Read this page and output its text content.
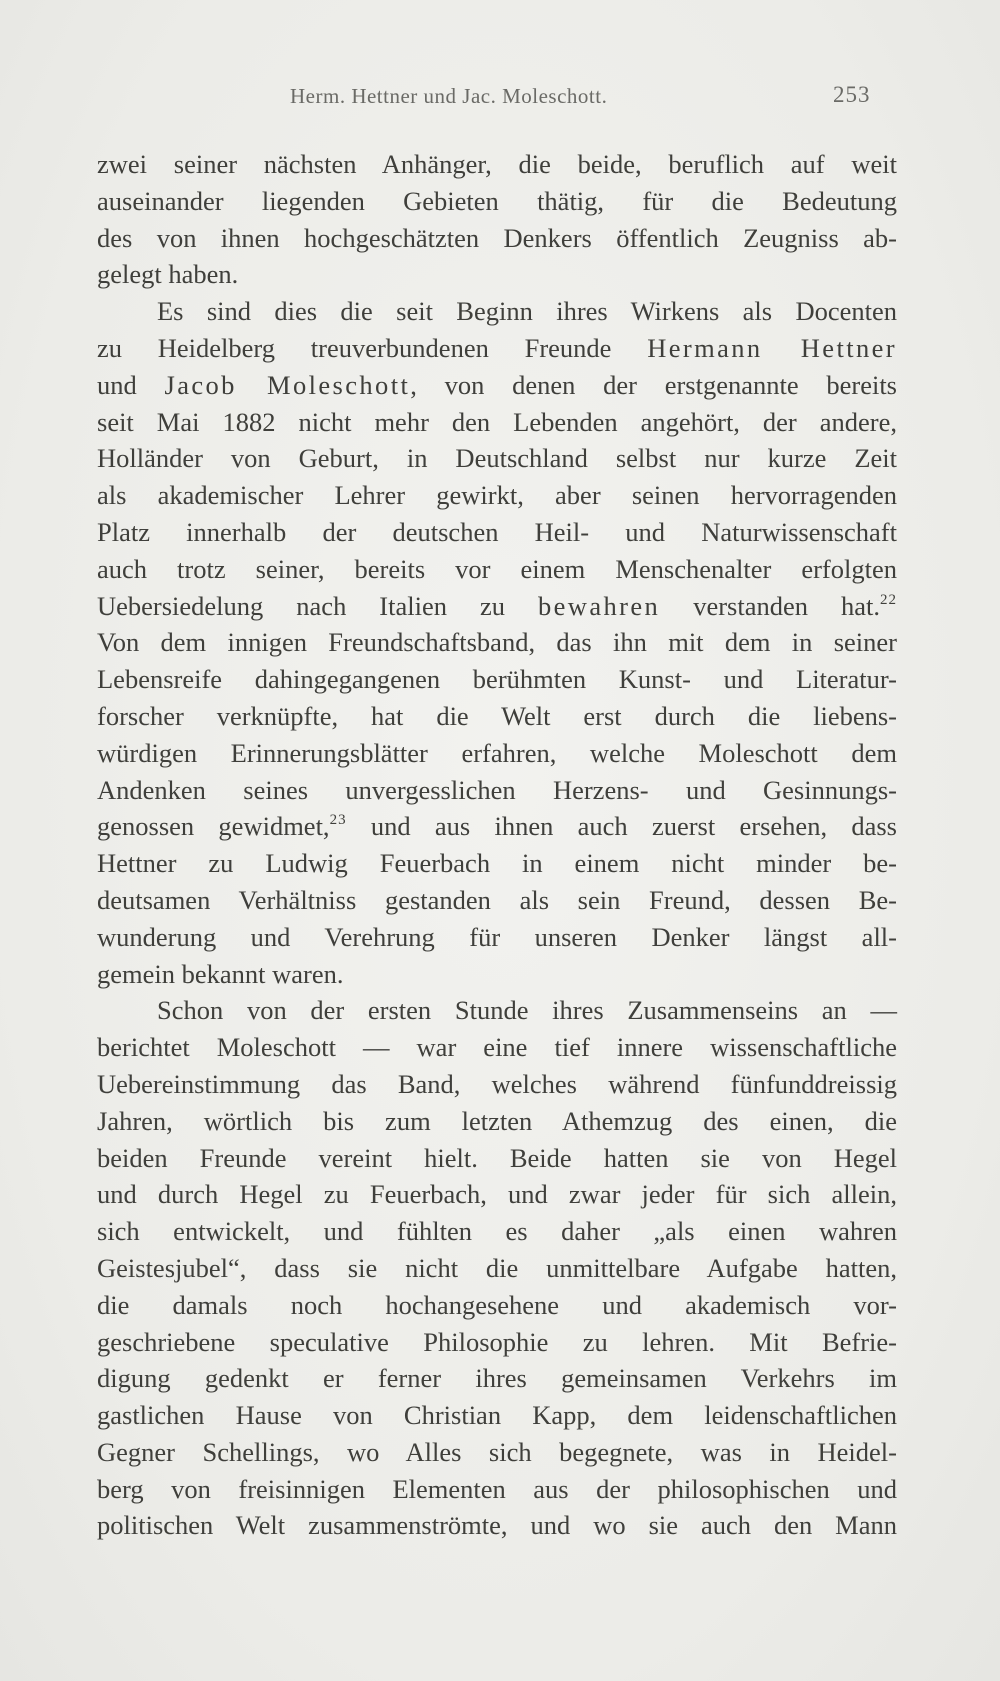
Herm. Hettner und Jac. Moleschott.	253
zwei seiner nächsten Anhänger, die beide, beruflich auf weit
auseinander liegenden Gebieten thätig, für die Bedeutung
des von ihnen hochgeschätzten Denkers öffentlich Zeugniss ab-
gelegt haben.
Es sind dies die seit Beginn ihres Wirkens als Docenten
zu Heidelberg treuverbundenen Freunde Hermann Hettner
und Jacob Moleschott, von denen der erstgenannte bereits
seit Mai 1882 nicht mehr den Lebenden angehört, der andere,
Holländer von Geburt, in Deutschland selbst nur kurze Zeit
als akademischer Lehrer gewirkt, aber seinen hervorragenden
Platz innerhalb der deutschen Heil- und Naturwissenschaft
auch trotz seiner, bereits vor einem Menschenalter erfolgten
Uebersiedelung nach Italien zu bewahren verstanden hat.$^{22}$
Von dem innigen Freundschaftsband, das ihn mit dem in seiner
Lebensreife dahingegangenen berühmten Kunst- und Literatur-
forscher verknüpfte, hat die Welt erst durch die liebens-
würdigen Erinnerungsblätter erfahren, welche Moleschott dem
Andenken seines unvergesslichen Herzens- und Gesinnungs-
genossen gewidmet,$^{23}$ und aus ihnen auch zuerst ersehen, dass
Hettner zu Ludwig Feuerbach in einem nicht minder be-
deutsamen Verhältniss gestanden als sein Freund, dessen Be-
wunderung und Verehrung für unseren Denker längst all-
gemein bekannt waren.
Schon von der ersten Stunde ihres Zusammenseins an —
berichtet Moleschott — war eine tief innere wissenschaftliche
Uebereinstimmung das Band, welches während fünfunddreissig
Jahren, wörtlich bis zum letzten Athemzug des einen, die
beiden Freunde vereint hielt. Beide hatten sie von Hegel
und durch Hegel zu Feuerbach, und zwar jeder für sich allein,
sich entwickelt, und fühlten es daher „als einen wahren
Geistesjubel“, dass sie nicht die unmittelbare Aufgabe hatten,
die damals noch hochangesehene und akademisch vor-
geschriebene speculative Philosophie zu lehren. Mit Befrie-
digung gedenkt er ferner ihres gemeinsamen Verkehrs im
gastlichen Hause von Christian Kapp, dem leidenschaftlichen
Gegner Schellings, wo Alles sich begegnete, was in Heidel-
berg von freisinnigen Elementen aus der philosophischen und
politischen Welt zusammenströmte, und wo sie auch den Mann
